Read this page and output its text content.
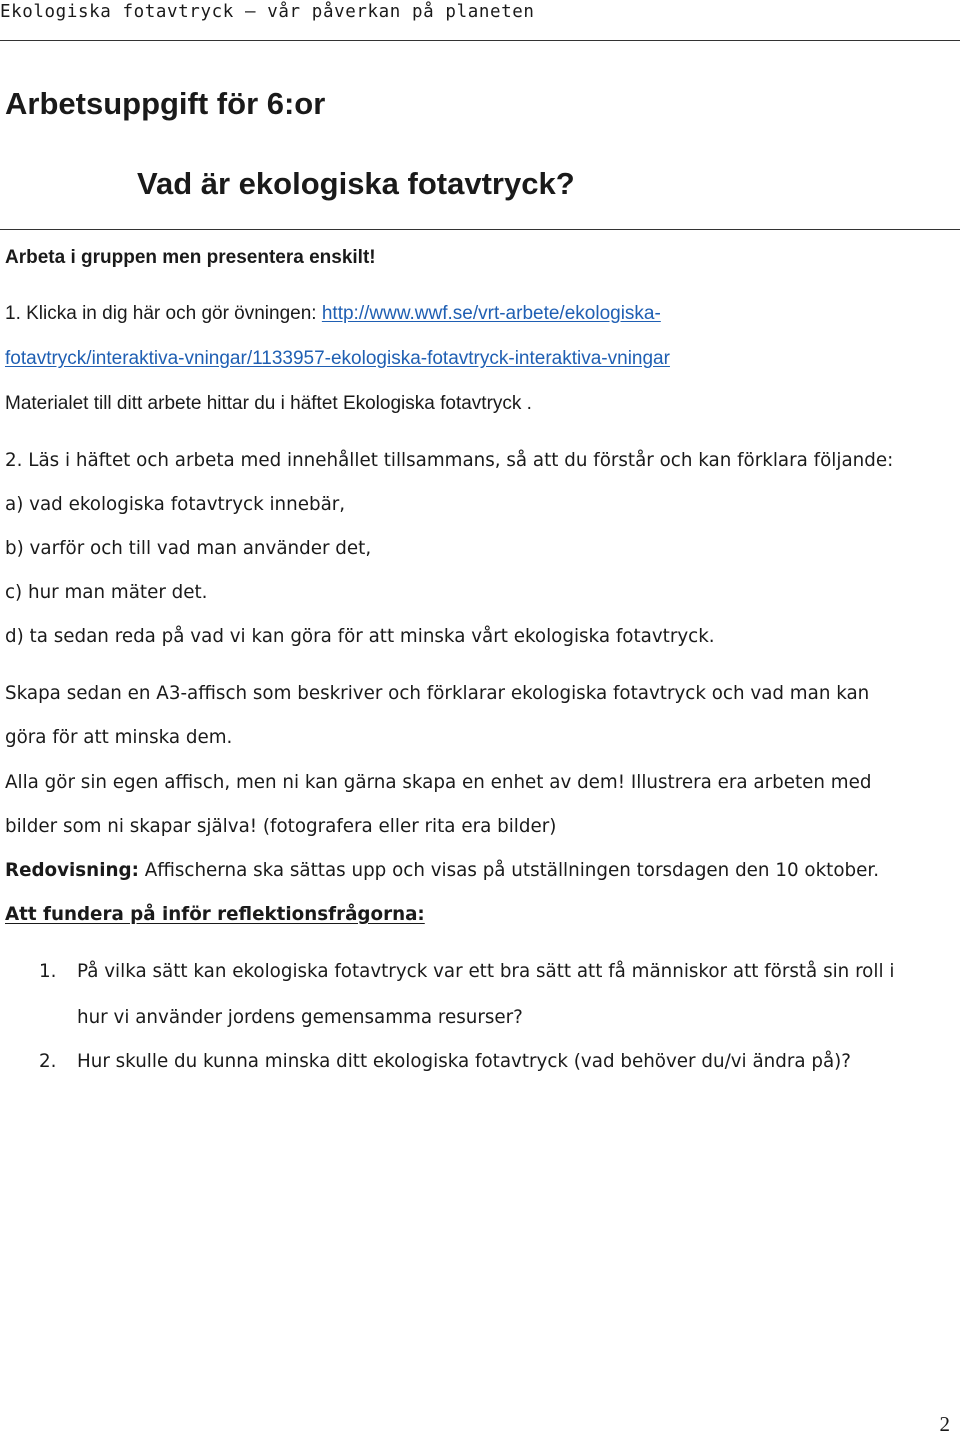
Ekologiska fotavtryck — vår påverkan på planeten
Arbetsuppgift för 6:or
Vad är ekologiska fotavtryck?
Arbeta i gruppen men presentera enskilt!
1. Klicka in dig här och gör övningen: http://www.wwf.se/vrt-arbete/ekologiska-
fotavtryck/interaktiva-vningar/1133957-ekologiska-fotavtryck-interaktiva-vningar
Materialet till ditt arbete hittar du i häftet Ekologiska fotavtryck .
2. Läs i häftet och arbeta med innehållet tillsammans, så att du förstår och kan förklara följande:
a) vad ekologiska fotavtryck innebär,
b) varför och till vad man använder det,
c) hur man mäter det.
d) ta sedan reda på vad vi kan göra för att minska vårt ekologiska fotavtryck.
Skapa sedan en A3-affisch som beskriver och förklarar ekologiska fotavtryck och vad man kan
göra för att minska dem.
Alla gör sin egen affisch, men ni kan gärna skapa en enhet av dem! Illustrera era arbeten med
bilder som ni skapar själva! (fotografera eller rita era bilder)
Redovisning: Affischerna ska sättas upp och visas på utställningen torsdagen den 10 oktober.
Att fundera på inför reflektionsfrågorna:
1. På vilka sätt kan ekologiska fotavtryck var ett bra sätt att få människor att förstå sin roll i
hur vi använder jordens gemensamma resurser?
2. Hur skulle du kunna minska ditt ekologiska fotavtryck (vad behöver du/vi ändra på)?
2
